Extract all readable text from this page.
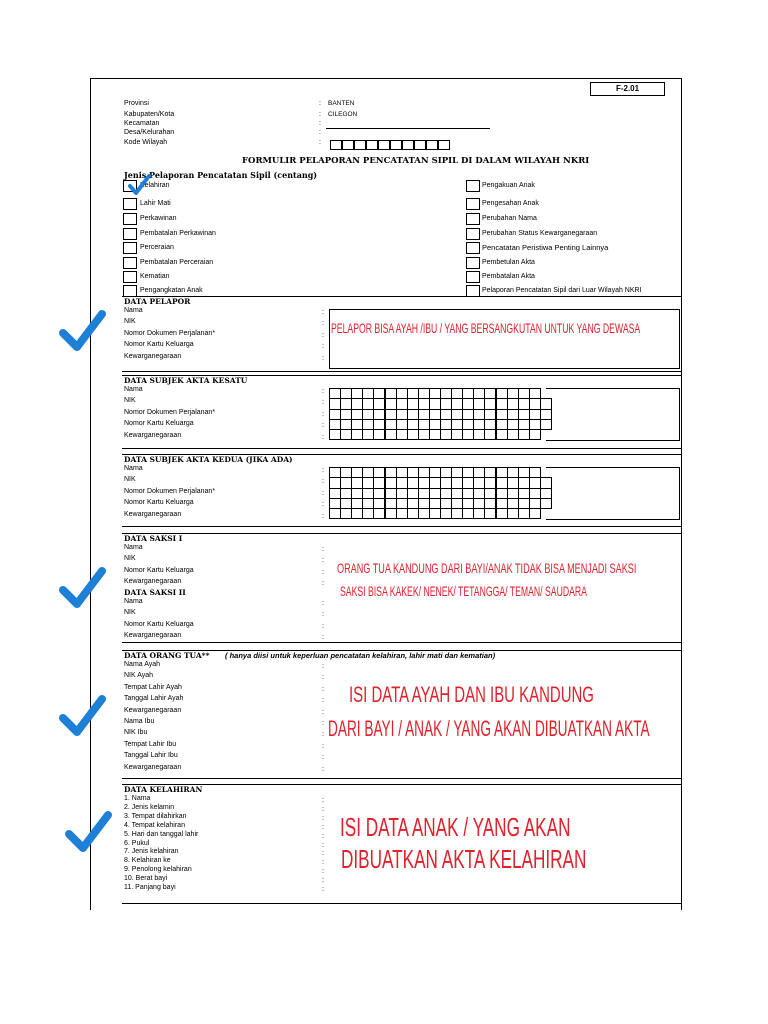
F-2.01
Provinsi	: BANTEN
Kabupaten/Kota	: CILEGON
Kecamatan	:
Desa/Kelurahan	:
Kode Wilayah	:
FORMULIR PELAPORAN PENCATATAN SIPIL DI DALAM WILAYAH NKRI
Jenis Pelaporan Pencatatan Sipil (centang)
Kelahiran
Lahir Mati
Perkawinan
Pembatalan Perkawinan
Perceraian
Pembatalan Perceraian
Kematian
Pengangkatan Anak
Pengakuan Anak
Pengesahan Anak
Perubahan Nama
Perubahan Status Kewarganegaraan
Pencatatan Peristiwa Penting Lainnya
Pembetulan Akta
Pembatalan Akta
Pelaporan Pencatatan Sipil dari Luar Wilayah NKRI
DATA PELAPOR
Nama	:
NIK	:
Nomor Dokumen Perjalanan*	:
Nomor Kartu Keluarga	:
Kewarganegaraan	:
DATA SUBJEK AKTA KESATU
Nama	:
NIK	:
Nomor Dokumen Perjalanan*	:
Nomor Kartu Keluarga	:
Kewarganegaraan	:
DATA SUBJEK AKTA KEDUA (JIKA ADA)
Nama	:
NIK	:
Nomor Dokumen Perjalanan*	:
Nomor Kartu Keluarga	:
Kewarganegaraan	:
DATA SAKSI I
Nama	:
NIK	:
Nomor Kartu Keluarga	:
Kewarganegaraan	:
DATA SAKSI II
Nama	:
NIK	:
Nomor Kartu Keluarga	:
Kewarganegaraan	:
DATA ORANG TUA** ( hanya diisi untuk keperluan pencatatan kelahiran, lahir mati dan kematian)
Nama Ayah	:
NIK Ayah	:
Tempat Lahir Ayah	:
Tanggal Lahir Ayah	:
Kewarganegaraan	:
Nama Ibu	:
NIK Ibu	:
Tempat Lahir Ibu	:
Tanggal Lahir Ibu	:
Kewarganegaraan	:
DATA KELAHIRAN
1. Nama	:
2. Jenis kelamin	:
3. Tempat dilahirkan	:
4. Tempat kelahiran	:
5. Hari dan tanggal lahir	:
6. Pukul	:
7. Jenis kelahiran	:
8. Kelahiran ke	:
9. Penolong kelahiran	:
10. Berat bayi	:
11. Panjang bayi	:
PELAPOR BISA AYAH /IBU / YANG BERSANGKUTAN UNTUK YANG DEWASA
ORANG TUA KANDUNG DARI BAYI/ANAK TIDAK BISA MENJADI SAKSI
SAKSI BISA KAKEK/ NENEK/ TETANGGA/ TEMAN/ SAUDARA
ISI DATA AYAH DAN IBU KANDUNG
DARI BAYI / ANAK / YANG AKAN DIBUATKAN AKTA
ISI DATA ANAK / YANG AKAN
DIBUATKAN AKTA KELAHIRAN
